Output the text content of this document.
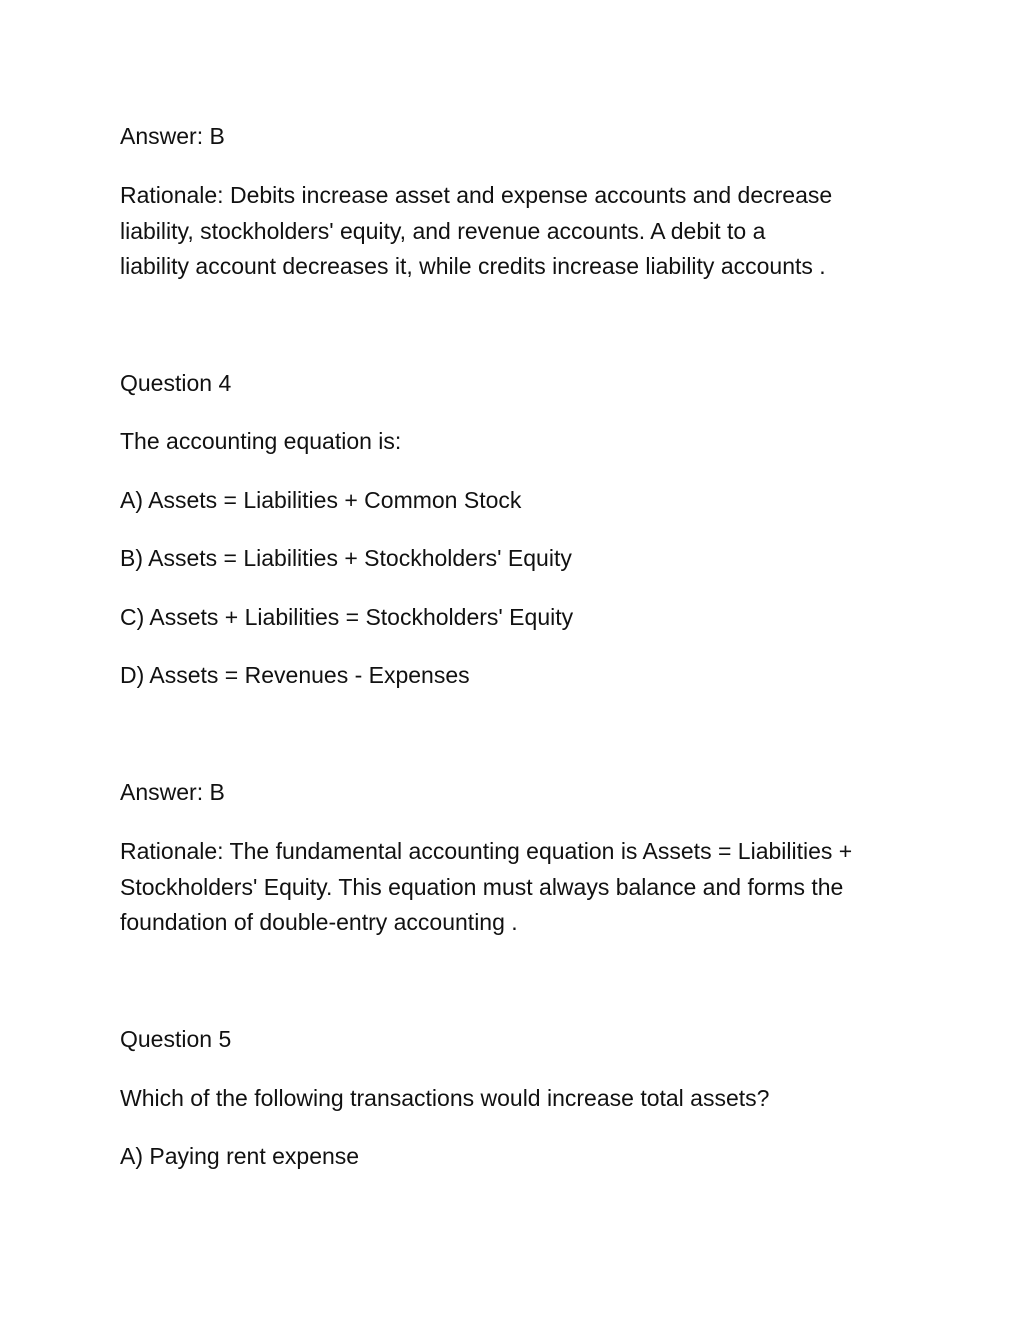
Answer: B

Rationale: Debits increase asset and expense accounts and decrease
liability, stockholders' equity, and revenue accounts. A debit to a
liability account decreases it, while credits increase liability accounts .

Question 4

The accounting equation is:

A) Assets = Liabilities + Common Stock

B) Assets = Liabilities + Stockholders' Equity

C) Assets + Liabilities = Stockholders' Equity

D) Assets = Revenues - Expenses

Answer: B

Rationale: The fundamental accounting equation is Assets = Liabilities +
Stockholders' Equity. This equation must always balance and forms the
foundation of double-entry accounting .

Question 5

Which of the following transactions would increase total assets?

A) Paying rent expense
